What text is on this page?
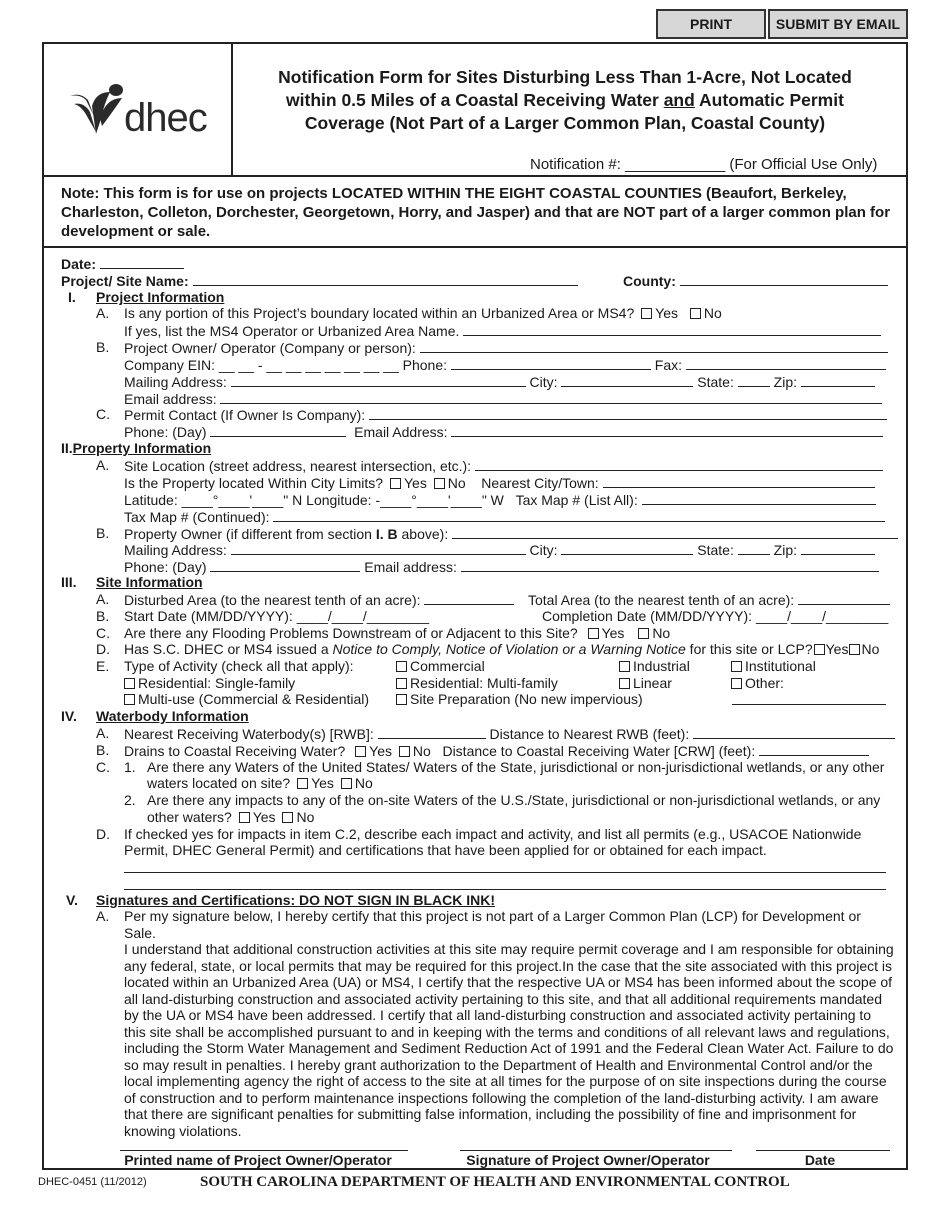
PRINT	SUBMIT BY EMAIL
dhec
Notification Form for Sites Disturbing Less Than 1-Acre, Not Located
within 0.5 Miles of a Coastal Receiving Water and Automatic Permit
Coverage (Not Part of a Larger Common Plan, Coastal County)
Notification #: ____________ (For Official Use Only)
Note: This form is for use on projects LOCATED WITHIN THE EIGHT COASTAL COUNTIES (Beaufort, Berkeley, Charleston, Colleton, Dorchester, Georgetown, Horry, and Jasper) and that are NOT part of a larger common plan for development or sale.
Date:
Project/ Site Name:	County:
I. Project Information
A. Is any portion of this Project’s boundary located within an Urbanized Area or MS4? Yes No
If yes, list the MS4 Operator or Urbanized Area Name.
B. Project Owner/ Operator (Company or person):
Company EIN: __ __ - __ __ __ __ __ __ __ Phone:	Fax:
Mailing Address:	City:	State:	Zip:
Email address:
C. Permit Contact (If Owner Is Company):
Phone: (Day)	Email Address:
II.Property Information
A. Site Location (street address, nearest intersection, etc.):
Is the Property located Within City Limits? Yes No Nearest City/Town:
Latitude: ____°____'____" N Longitude: -____°____'____" W Tax Map # (List All):
Tax Map # (Continued):
B. Property Owner (if different from section I. B above):
Mailing Address:	City:	State:	Zip:
Phone: (Day)	Email address:
III. Site Information
A. Disturbed Area (to the nearest tenth of an acre):	Total Area (to the nearest tenth of an acre):
B. Start Date (MM/DD/YYYY): ____/____/________	Completion Date (MM/DD/YYYY): ____/____/________
C. Are there any Flooding Problems Downstream of or Adjacent to this Site? Yes No
D. Has S.C. DHEC or MS4 issued a Notice to Comply, Notice of Violation or a Warning Notice for this site or LCP? Yes No
E. Type of Activity (check all that apply):	Commercial	Industrial	Institutional
Residential: Single-family	Residential: Multi-family	Linear	Other:
Multi-use (Commercial & Residential)	Site Preparation (No new impervious)
IV. Waterbody Information
A. Nearest Receiving Waterbody(s) [RWB]:	Distance to Nearest RWB (feet):
B. Drains to Coastal Receiving Water? Yes No Distance to Coastal Receiving Water [CRW] (feet):
C. 1. Are there any Waters of the United States/ Waters of the State, jurisdictional or non-jurisdictional wetlands, or any other
waters located on site? Yes No
2. Are there any impacts to any of the on-site Waters of the U.S./State, jurisdictional or non-jurisdictional wetlands, or any
other waters? Yes No
D. If checked yes for impacts in item C.2, describe each impact and activity, and list all permits (e.g., USACOE Nationwide
Permit, DHEC General Permit) and certifications that have been applied for or obtained for each impact.
V. Signatures and Certifications: DO NOT SIGN IN BLACK INK!
A. Per my signature below, I hereby certify that this project is not part of a Larger Common Plan (LCP) for Development or Sale.
I understand that additional construction activities at this site may require permit coverage and I am responsible for obtaining
any federal, state, or local permits that may be required for this project.In the case that the site associated with this project is
located within an Urbanized Area (UA) or MS4, I certify that the respective UA or MS4 has been informed about the scope of
all land-disturbing construction and associated activity pertaining to this site, and that all additional requirements mandated
by the UA or MS4 have been addressed. I certify that all land-disturbing construction and associated activity pertaining to
this site shall be accomplished pursuant to and in keeping with the terms and conditions of all relevant laws and regulations,
including the Storm Water Management and Sediment Reduction Act of 1991 and the Federal Clean Water Act. Failure to do
so may result in penalties. I hereby grant authorization to the Department of Health and Environmental Control and/or the
local implementing agency the right of access to the site at all times for the purpose of on site inspections during the course
of construction and to perform maintenance inspections following the completion of the land-disturbing activity. I am aware
that there are significant penalties for submitting false information, including the possibility of fine and imprisonment for
knowing violations.
Printed name of Project Owner/Operator	Signature of Project Owner/Operator	Date
DHEC-0451 (11/2012)	SOUTH CAROLINA DEPARTMENT OF HEALTH AND ENVIRONMENTAL CONTROL
